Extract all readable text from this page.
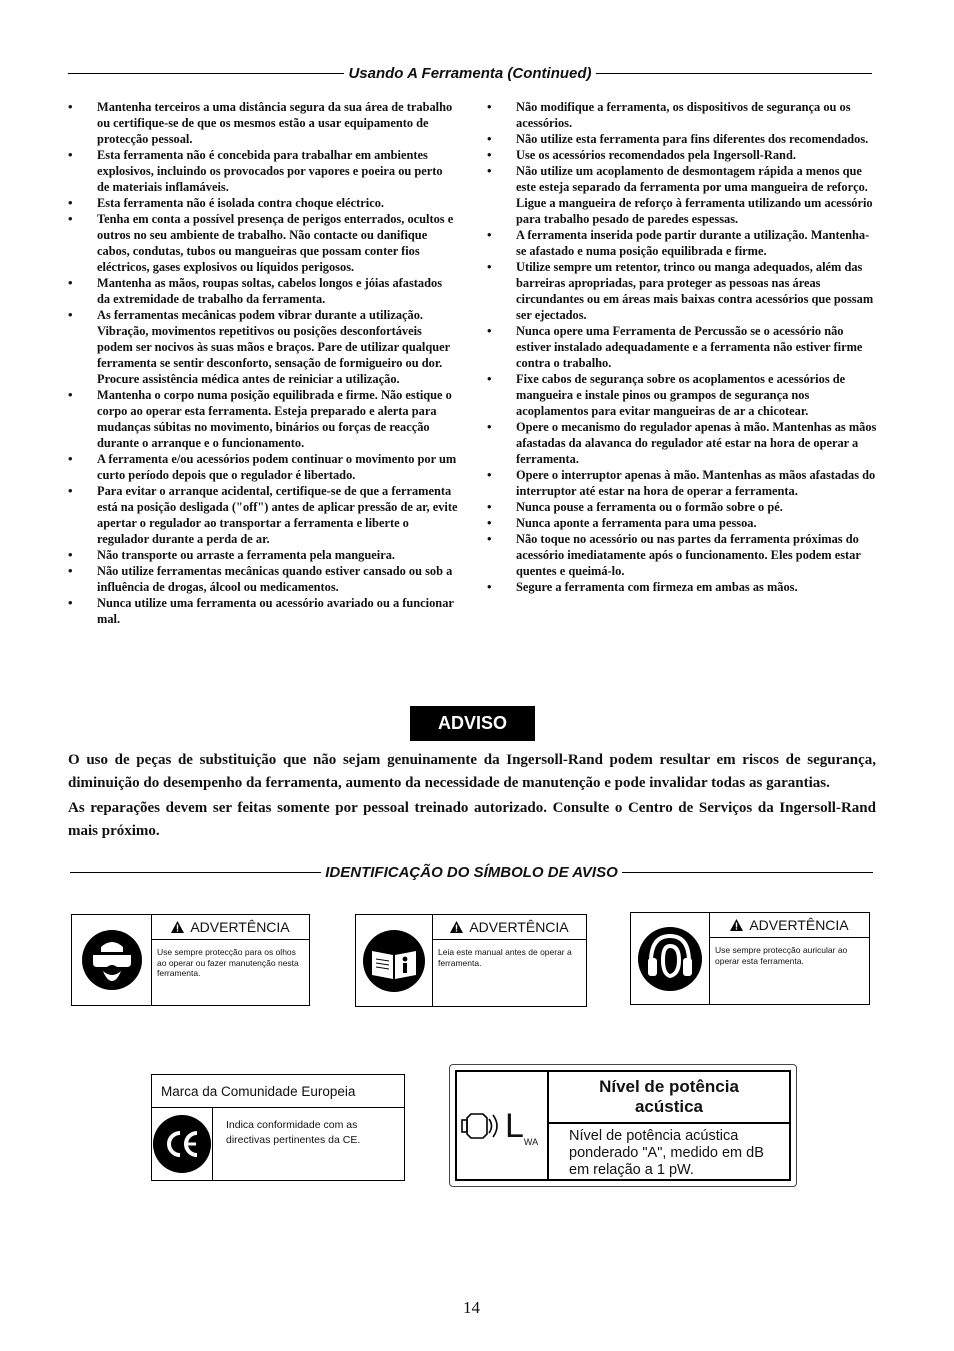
Usando A Ferramenta (Continued)
• Mantenha terceiros a uma distância segura da sua área de trabalho ou certifique-se de que os mesmos estão a usar equipamento de protecção pessoal.
• Esta ferramenta não é concebida para trabalhar em ambientes explosivos, incluindo os provocados por vapores e poeira ou perto de materiais inflamáveis.
• Esta ferramenta não é isolada contra choque eléctrico.
• Tenha em conta a possível presença de perigos enterrados, ocultos e outros no seu ambiente de trabalho. Não contacte ou danifique cabos, condutas, tubos ou mangueiras que possam conter fios eléctricos, gases explosivos ou líquidos perigosos.
• Mantenha as mãos, roupas soltas, cabelos longos e jóias afastados da extremidade de trabalho da ferramenta.
• As ferramentas mecânicas podem vibrar durante a utilização. Vibração, movimentos repetitivos ou posições desconfortáveis podem ser nocivos às suas mãos e braços. Pare de utilizar qualquer ferramenta se sentir desconforto, sensação de formigueiro ou dor. Procure assistência médica antes de reiniciar a utilização.
• Mantenha o corpo numa posição equilibrada e firme. Não estique o corpo ao operar esta ferramenta. Esteja preparado e alerta para mudanças súbitas no movimento, binários ou forças de reacção durante o arranque e o funcionamento.
• A ferramenta e/ou acessórios podem continuar o movimento por um curto período depois que o regulador é libertado.
• Para evitar o arranque acidental, certifique-se de que a ferramenta está na posição desligada ("off") antes de aplicar pressão de ar, evite apertar o regulador ao transportar a ferramenta e liberte o regulador durante a perda de ar.
• Não transporte ou arraste a ferramenta pela mangueira.
• Não utilize ferramentas mecânicas quando estiver cansado ou sob a influência de drogas, álcool ou medicamentos.
• Nunca utilize uma ferramenta ou acessório avariado ou a funcionar mal.
• Não modifique a ferramenta, os dispositivos de segurança ou os acessórios.
• Não utilize esta ferramenta para fins diferentes dos recomendados.
• Use os acessórios recomendados pela Ingersoll-Rand.
• Não utilize um acoplamento de desmontagem rápida a menos que este esteja separado da ferramenta por uma mangueira de reforço. Ligue a mangueira de reforço à ferramenta utilizando um acessório para trabalho pesado de paredes espessas.
• A ferramenta inserida pode partir durante a utilização. Mantenha-se afastado e numa posição equilibrada e firme.
• Utilize sempre um retentor, trinco ou manga adequados, além das barreiras apropriadas, para proteger as pessoas nas áreas circundantes ou em áreas mais baixas contra acessórios que possam ser ejectados.
• Nunca opere uma Ferramenta de Percussão se o acessório não estiver instalado adequadamente e a ferramenta não estiver firme contra o trabalho.
• Fixe cabos de segurança sobre os acoplamentos e acessórios de mangueira e instale pinos ou grampos de segurança nos acoplamentos para evitar mangueiras de ar a chicotear.
• Opere o mecanismo do regulador apenas à mão. Mantenhas as mãos afastadas da alavanca do regulador até estar na hora de operar a ferramenta.
• Opere o interruptor apenas à mão. Mantenhas as mãos afastadas do interruptor até estar na hora de operar a ferramenta.
• Nunca pouse a ferramenta ou o formão sobre o pé.
• Nunca aponte a ferramenta para uma pessoa.
• Não toque no acessório ou nas partes da ferramenta próximas do acessório imediatamente após o funcionamento. Eles podem estar quentes e queimá-lo.
• Segure a ferramenta com firmeza em ambas as mãos.
ADVISO
O uso de peças de substituição que não sejam genuinamente da Ingersoll-Rand podem resultar em riscos de segurança, diminuição do desempenho da ferramenta, aumento da necessidade de manutenção e pode invalidar todas as garantias.
As reparações devem ser feitas somente por pessoal treinado autorizado. Consulte o Centro de Serviços da Ingersoll-Rand mais próximo.
IDENTIFICAÇÃO DO SÍMBOLO DE AVISO
ADVERTÊNCIA
Use sempre protecção para os olhos ao operar ou fazer manutenção nesta ferramenta.
ADVERTÊNCIA
Leia este manual antes de operar a ferramenta.
ADVERTÊNCIA
Use sempre protecção auricular ao operar esta ferramenta.
Marca da Comunidade Europeia
Indica conformidade com as directivas pertinentes da CE.	L WA
Nível de potência acústica
Nível de potência acústica ponderado "A", medido em dB em relação a 1 pW.
14
